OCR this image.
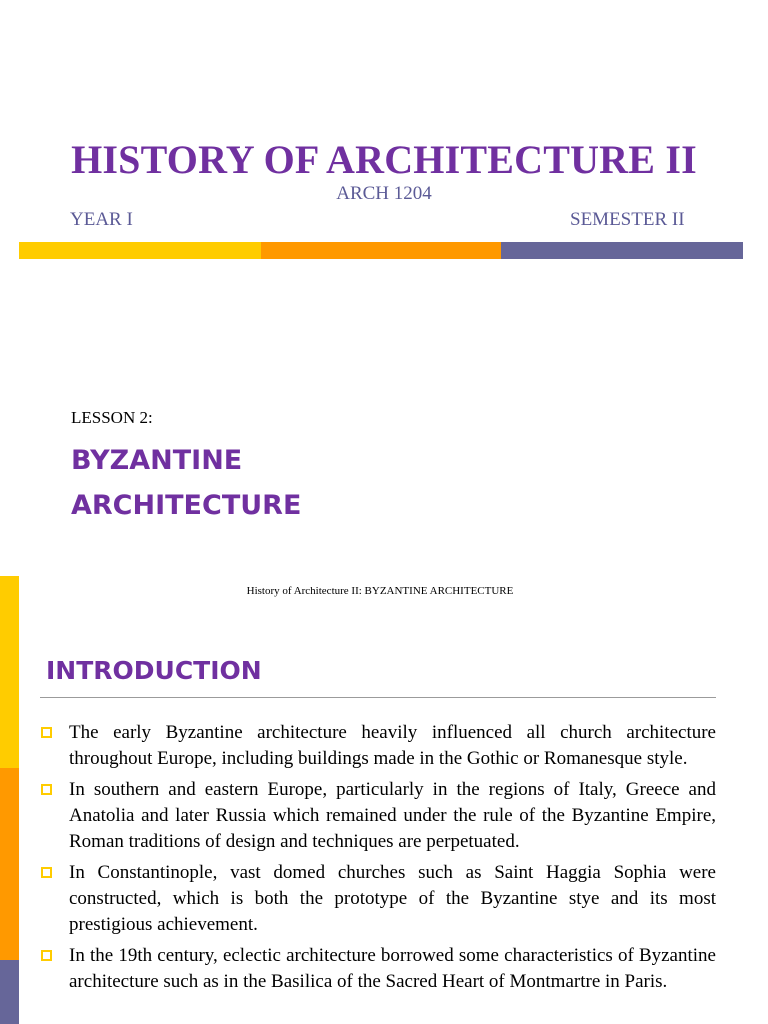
HISTORY OF ARCHITECTURE II
ARCH 1204
YEAR I	SEMESTER II
LESSON 2:
BYZANTINE
ARCHITECTURE
History of Architecture II: BYZANTINE ARCHITECTURE
INTRODUCTION
The early Byzantine architecture heavily influenced all church architecture throughout Europe, including buildings made in the Gothic or Romanesque style.
In southern and eastern Europe, particularly in the regions of Italy, Greece and Anatolia and later Russia which remained under the rule of the Byzantine Empire, Roman traditions of design and techniques are perpetuated.
In Constantinople, vast domed churches such as Saint Haggia Sophia were constructed, which is both the prototype of the Byzantine stye and its most prestigious achievement.
In the 19th century, eclectic architecture borrowed some characteristics of Byzantine architecture such as in the Basilica of the Sacred Heart of Montmartre in Paris.
